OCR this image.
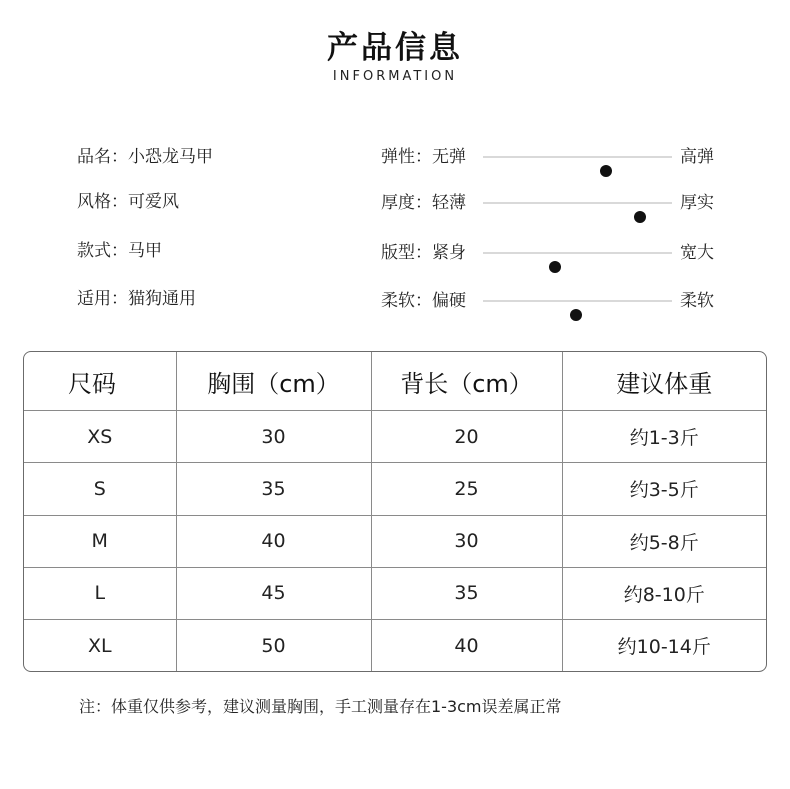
产品信息
INFORMATION
品名：小恐龙马甲
风格：可爱风
款式：马甲
适用：猫狗通用
弹性：无弹	高弹
厚度：轻薄	厚实
版型：紧身	宽大
柔软：偏硬	柔软
尺码	胸围（cm）	背长（cm）	建议体重
XS	30	20	约1-3斤
S	35	25	约3-5斤
M	40	30	约5-8斤
L	45	35	约8-10斤
XL	50	40	约10-14斤
注：体重仅供参考，建议测量胸围，手工测量存在1-3cm误差属正常
